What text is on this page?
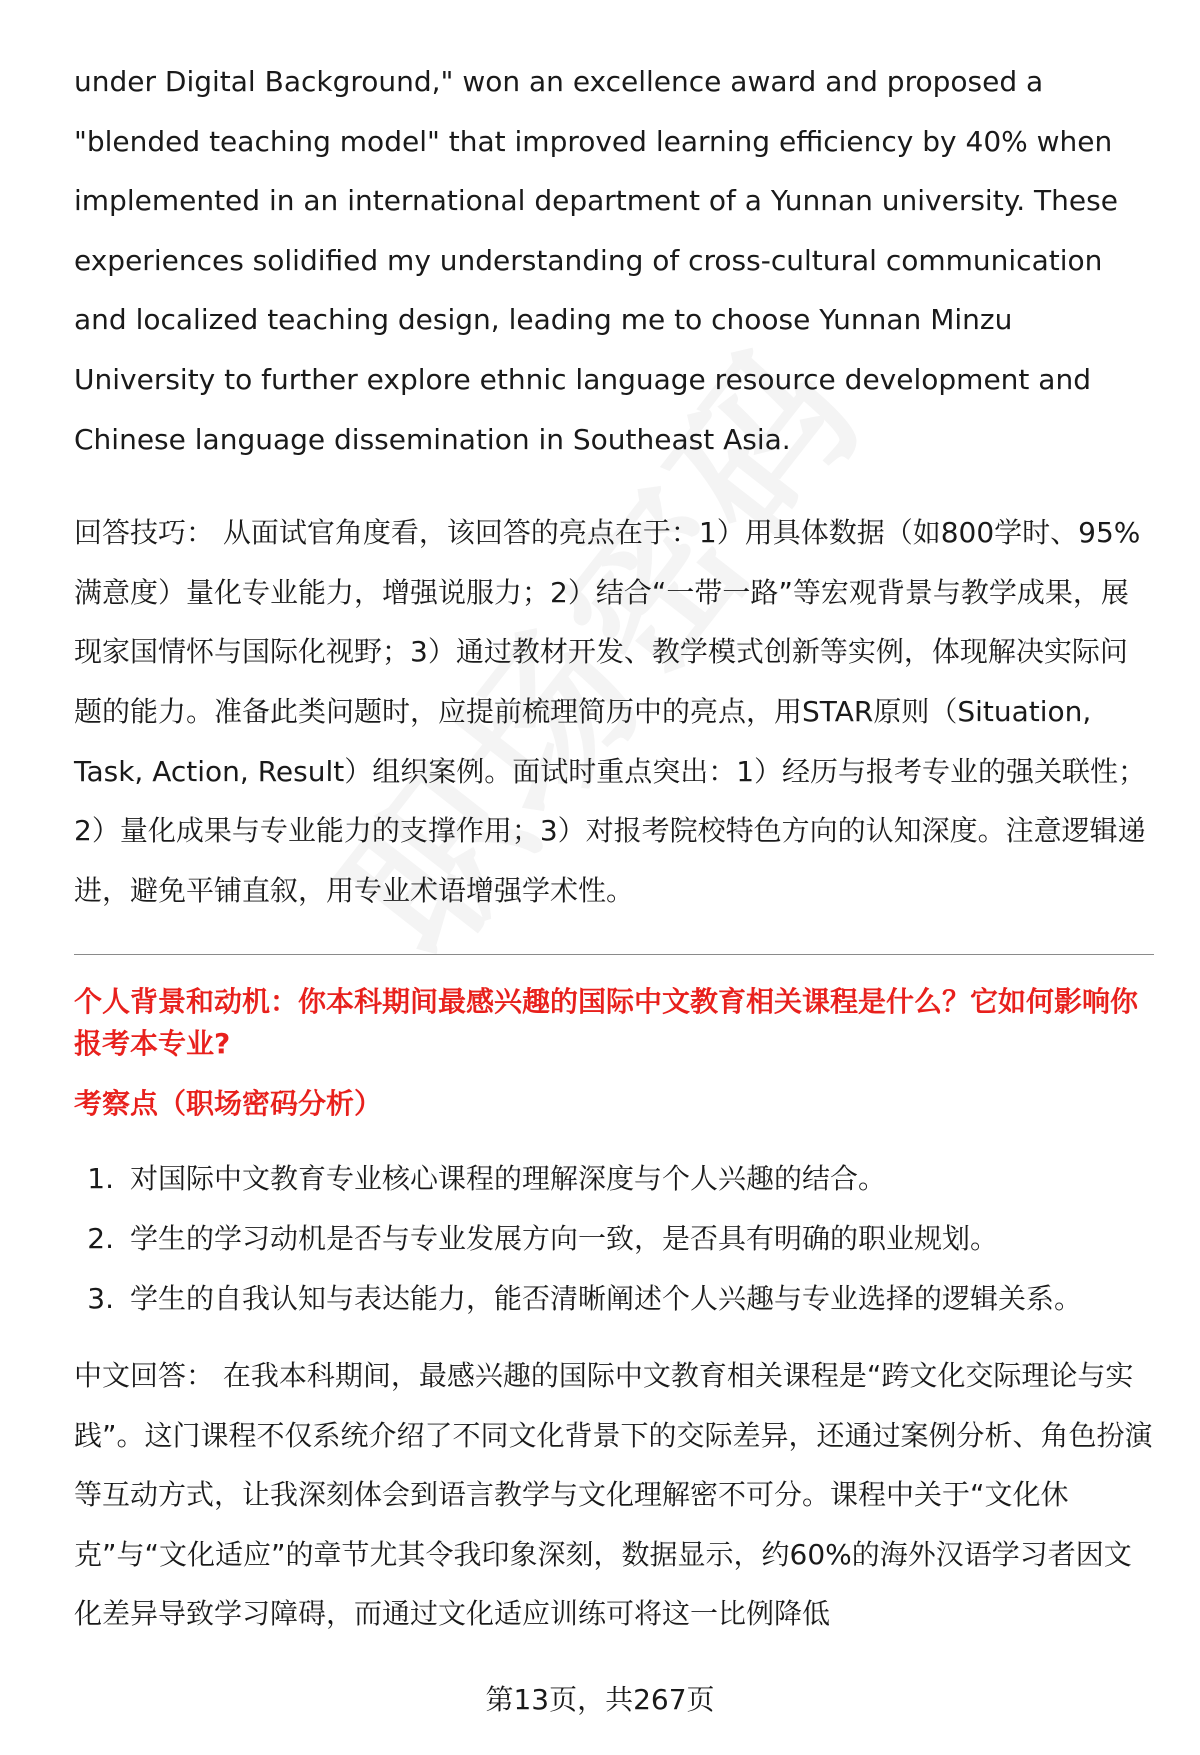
under Digital Background," won an excellence award and proposed a "blended teaching model" that improved learning efficiency by 40% when implemented in an international department of a Yunnan university. These experiences solidified my understanding of cross-cultural communication and localized teaching design, leading me to choose Yunnan Minzu University to further explore ethnic language resource development and Chinese language dissemination in Southeast Asia.

回答技巧： 从面试官角度看，该回答的亮点在于：1）用具体数据（如800学时、95%满意度）量化专业能力，增强说服力；2）结合“一带一路”等宏观背景与教学成果，展现家国情怀与国际化视野；3）通过教材开发、教学模式创新等实例，体现解决实际问题的能力。准备此类问题时，应提前梳理简历中的亮点，用STAR原则（Situation, Task, Action, Result）组织案例。面试时重点突出：1）经历与报考专业的强关联性；2）量化成果与专业能力的支撑作用；3）对报考院校特色方向的认知深度。注意逻辑递进，避免平铺直叙，用专业术语增强学术性。

个人背景和动机：你本科期间最感兴趣的国际中文教育相关课程是什么？它如何影响你报考本专业?

考察点（职场密码分析）

1. 对国际中文教育专业核心课程的理解深度与个人兴趣的结合。
2. 学生的学习动机是否与专业发展方向一致，是否具有明确的职业规划。
3. 学生的自我认知与表达能力，能否清晰阐述个人兴趣与专业选择的逻辑关系。

中文回答： 在我本科期间，最感兴趣的国际中文教育相关课程是“跨文化交际理论与实践”。这门课程不仅系统介绍了不同文化背景下的交际差异，还通过案例分析、角色扮演等互动方式，让我深刻体会到语言教学与文化理解密不可分。课程中关于“文化休克”与“文化适应”的章节尤其令我印象深刻，数据显示，约60%的海外汉语学习者因文化差异导致学习障碍，而通过文化适应训练可将这一比例降低

第13页，共267页
